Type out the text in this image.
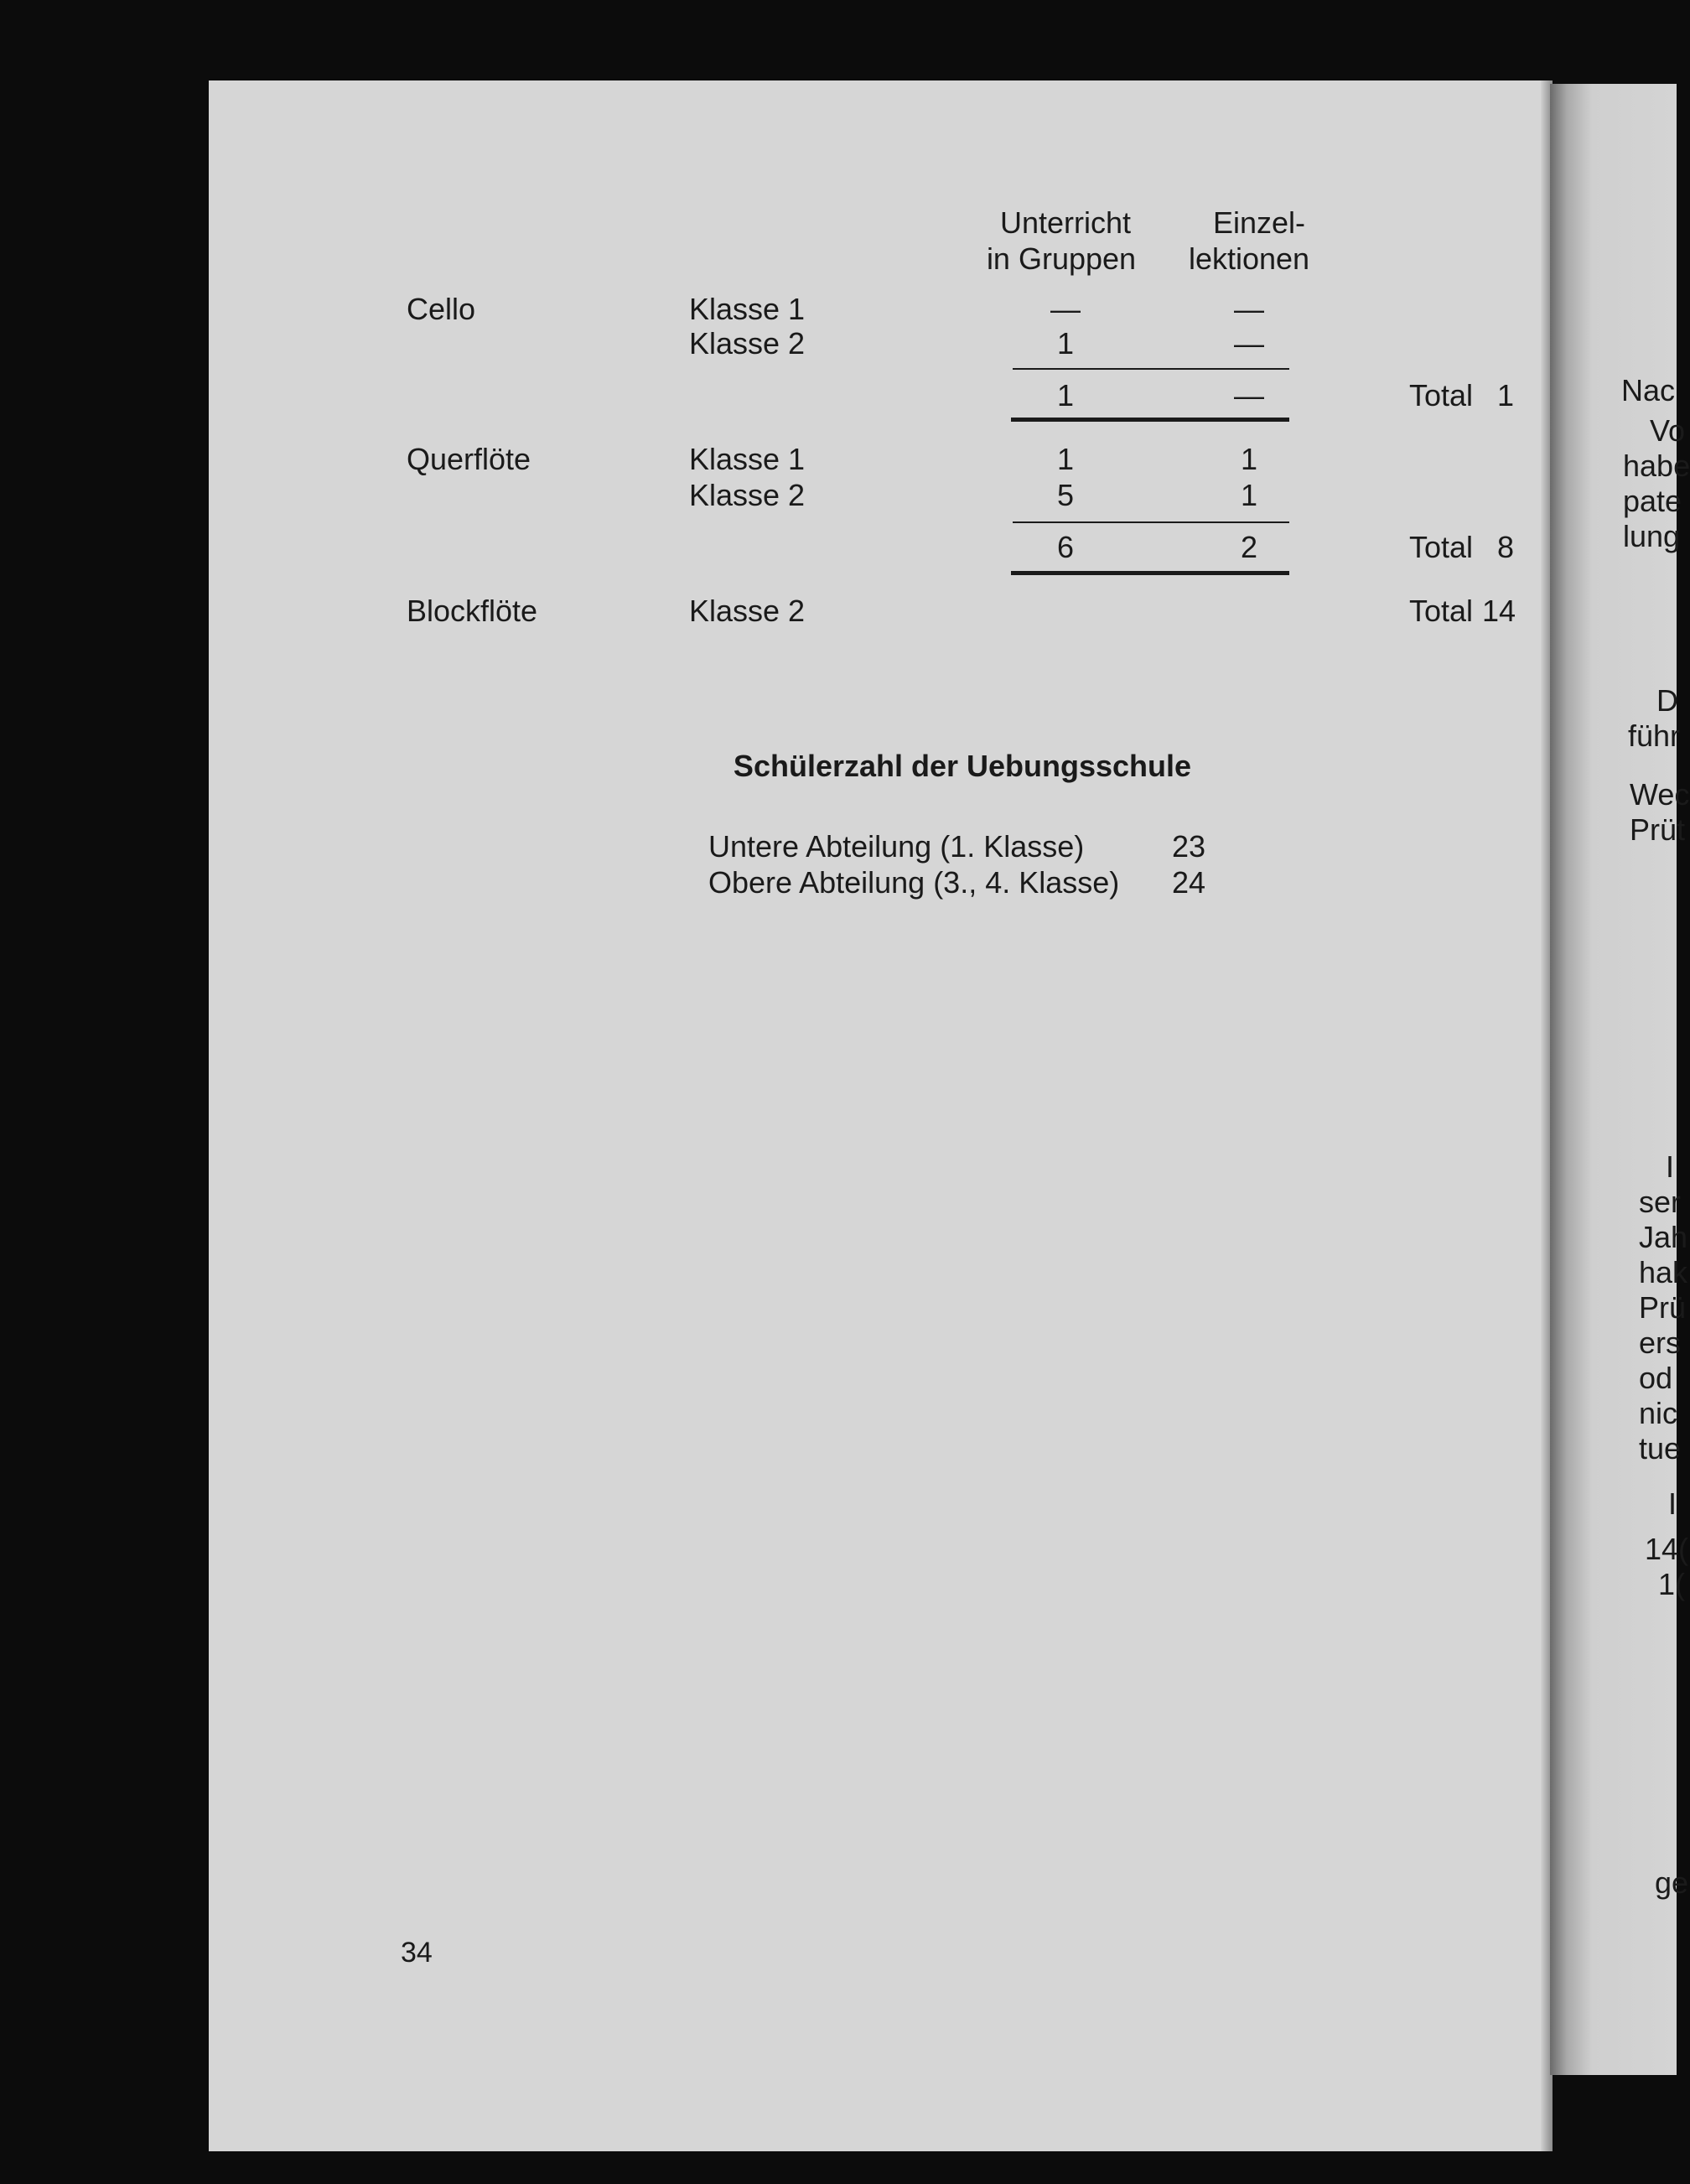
Unterricht
in Gruppen
Einzel-
lektionen
Cello	Klasse 1	—	—
Klasse 2	1	—
1	—	Total 1
Querflöte	Klasse 1	1	1
Klasse 2	5	1
6	2	Total 8
Blockflöte	Klasse 2	Total 14
Schülerzahl der Uebungsschule
Untere Abteilung (1. Klasse)	23
Obere Abteilung (3., 4. Klasse) 24
34
Nac
Vo
habe
pate
lung
D
führ
Wec
Prüt
I
ser
Jah
hak
Prü
ers
od
nic
tue
I
14(
1(
ge
